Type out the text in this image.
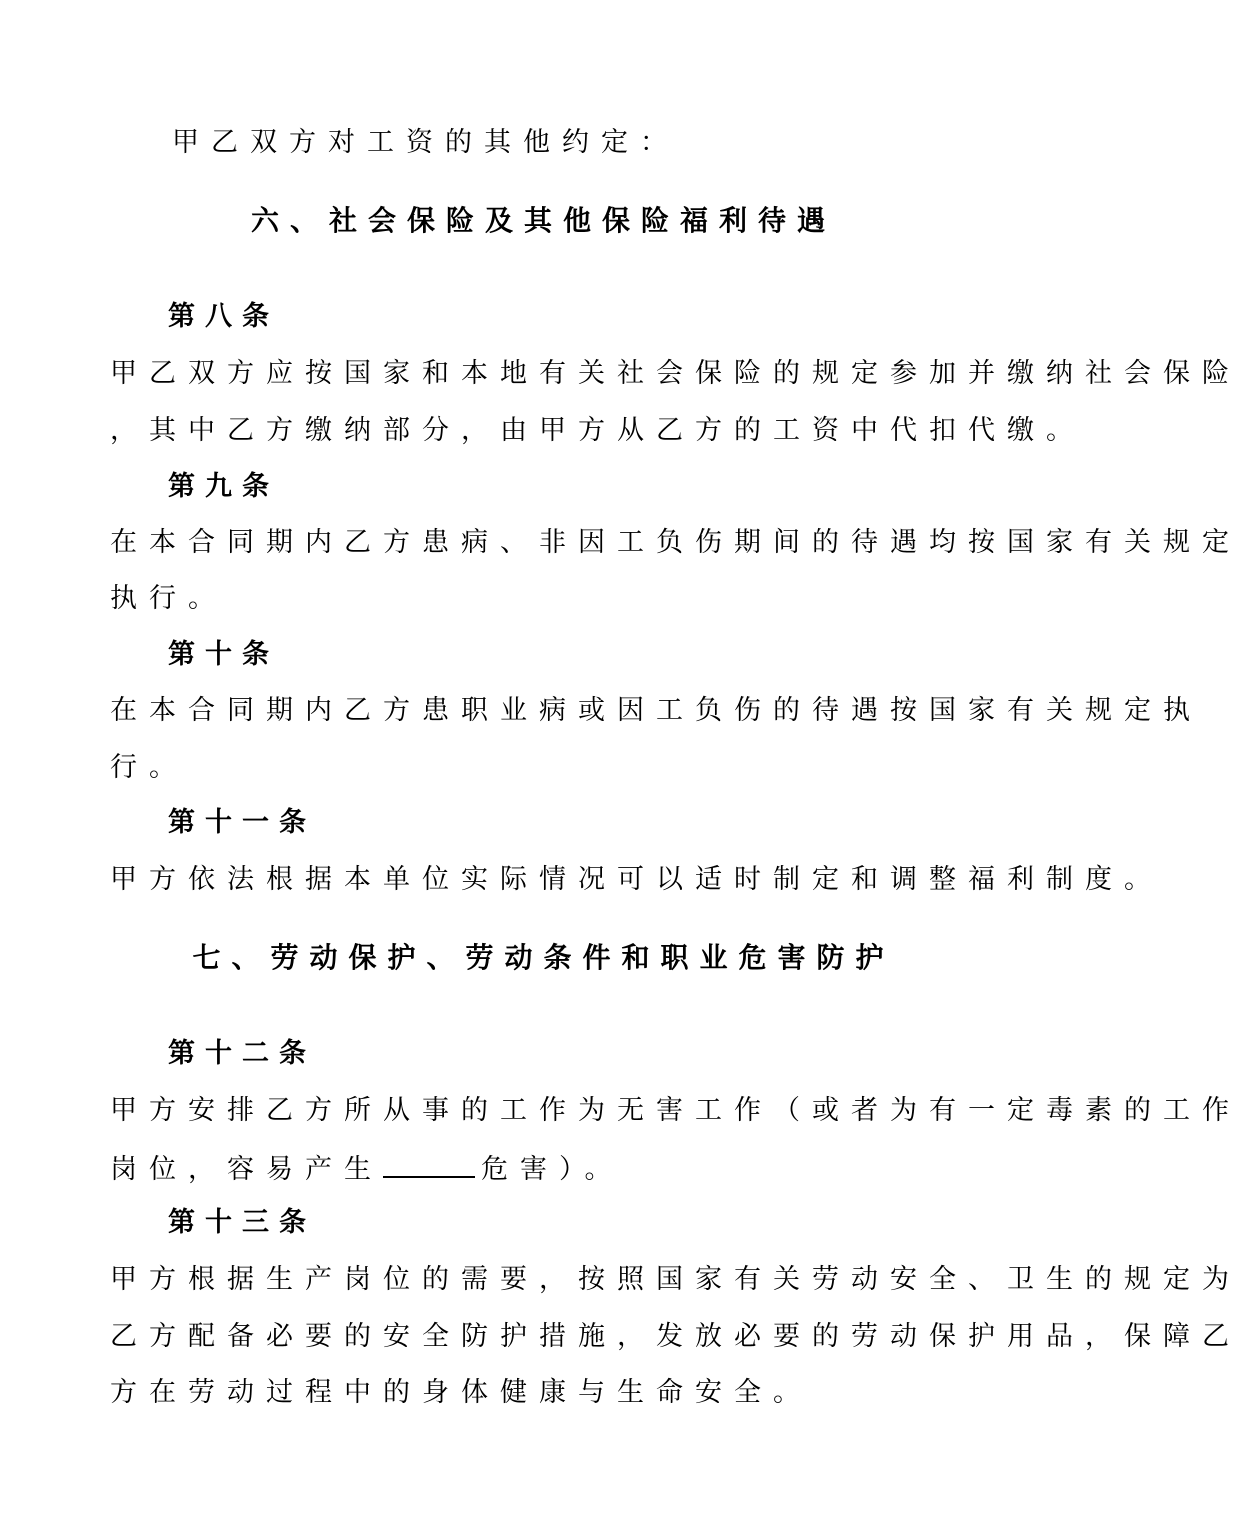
甲乙双方对工资的其他约定：
六、社会保险及其他保险福利待遇
第八条
甲乙双方应按国家和本地有关社会保险的规定参加并缴纳社会保险
，其中乙方缴纳部分，由甲方从乙方的工资中代扣代缴。
第九条
在本合同期内乙方患病、非因工负伤期间的待遇均按国家有关规定
执行。
第十条
在本合同期内乙方患职业病或因工负伤的待遇按国家有关规定执
行。
第十一条
甲方依法根据本单位实际情况可以适时制定和调整福利制度。
七、劳动保护、劳动条件和职业危害防护
第十二条
甲方安排乙方所从事的工作为无害工作（或者为有一定毒素的工作
岗位，容易产生	危害）。
第十三条
甲方根据生产岗位的需要，按照国家有关劳动安全、卫生的规定为
乙方配备必要的安全防护措施，发放必要的劳动保护用品，保障乙
方在劳动过程中的身体健康与生命安全。
